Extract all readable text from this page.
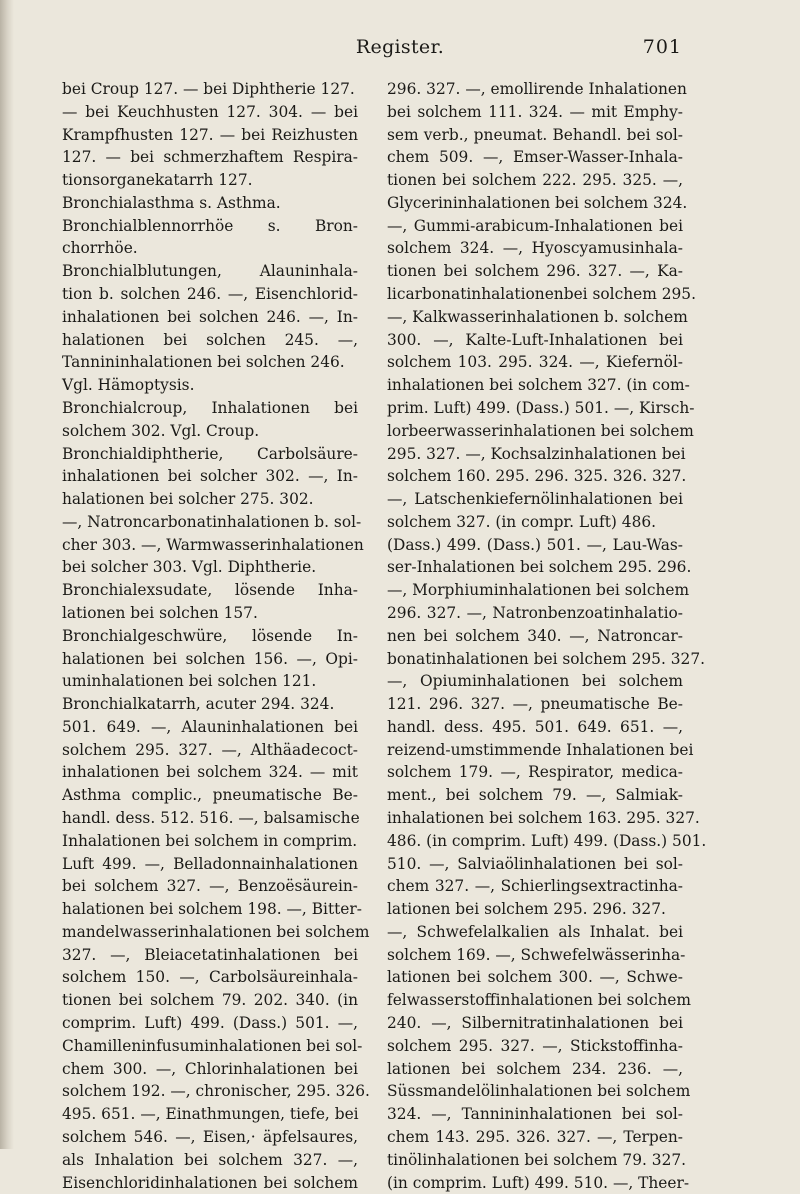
Register.	701
bei Croup 127. — bei Diphtherie 127.
— bei Keuchhusten 127. 304. — bei
Krampfhusten 127. — bei Reizhusten
127. — bei schmerzhaftem Respira-
tionsorganekatarrh 127.
Bronchialasthma s. Asthma.
Bronchialblennorrhöe s. Bron-
chorrhöe.
Bronchialblutungen, Alauninhala-
tion b. solchen 246. —, Eisenchlorid-
inhalationen bei solchen 246. —, In-
halationen bei solchen 245. —,
Tannininhalationen bei solchen 246.
Vgl. Hämoptysis.
Bronchialcroup, Inhalationen bei
solchem 302. Vgl. Croup.
Bronchialdiphtherie, Carbolsäure-
inhalationen bei solcher 302. —, In-
halationen bei solcher 275. 302.
—, Natroncarbonatinhalationen b. sol-
cher 303. —, Warmwasserinhalationen
bei solcher 303. Vgl. Diphtherie.
Bronchialexsudate, lösende Inha-
lationen bei solchen 157.
Bronchialgeschwüre, lösende In-
halationen bei solchen 156. —, Opi-
uminhalationen bei solchen 121.
Bronchialkatarrh, acuter 294. 324.
501. 649. —, Alauninhalationen bei
solchem 295. 327. —, Althäadecoct-
inhalationen bei solchem 324. — mit
Asthma complic., pneumatische Be-
handl. dess. 512. 516. —, balsamische
Inhalationen bei solchem in comprim.
Luft 499. —, Belladonnainhalationen
bei solchem 327. —, Benzoësäurein-
halationen bei solchem 198. —, Bitter-
mandelwasserinhalationen bei solchem
327. —, Bleiacetatinhalationen bei
solchem 150. —, Carbolsäureinhala-
tionen bei solchem 79. 202. 340. (in
comprim. Luft) 499. (Dass.) 501. —,
Chamilleninfusuminhalationen bei sol-
chem 300. —, Chlorinhalationen bei
solchem 192. —, chronischer, 295. 326.
495. 651. —, Einathmungen, tiefe, bei
solchem 546. —, Eisen,· äpfelsaures,
als Inhalation bei solchem 327. —,
Eisenchloridinhalationen bei solchem
296. 327. —, emollirende Inhalationen
bei solchem 111. 324. — mit Emphy-
sem verb., pneumat. Behandl. bei sol-
chem 509. —, Emser-Wasser-Inhala-
tionen bei solchem 222. 295. 325. —,
Glycerininhalationen bei solchem 324.
—, Gummi-arabicum-Inhalationen bei
solchem 324. —, Hyoscyamusinhala-
tionen bei solchem 296. 327. —, Ka-
licarbonatinhalationenbei solchem 295.
—, Kalkwasserinhalationen b. solchem
300. —, Kalte-Luft-Inhalationen bei
solchem 103. 295. 324. —, Kiefernöl-
inhalationen bei solchem 327. (in com-
prim. Luft) 499. (Dass.) 501. —, Kirsch-
lorbeerwasserinhalationen bei solchem
295. 327. —, Kochsalzinhalationen bei
solchem 160. 295. 296. 325. 326. 327.
—, Latschenkiefernölinhalationen bei
solchem 327. (in compr. Luft) 486.
(Dass.) 499. (Dass.) 501. —, Lau-Was-
ser-Inhalationen bei solchem 295. 296.
—, Morphiuminhalationen bei solchem
296. 327. —, Natronbenzoatinhalatio-
nen bei solchem 340. —, Natroncar-
bonatinhalationen bei solchem 295. 327.
—, Opiuminhalationen bei solchem
121. 296. 327. —, pneumatische Be-
handl. dess. 495. 501. 649. 651. —,
reizend-umstimmende Inhalationen bei
solchem 179. —, Respirator, medica-
ment., bei solchem 79. —, Salmiak-
inhalationen bei solchem 163. 295. 327.
486. (in comprim. Luft) 499. (Dass.) 501.
510. —, Salviaölinhalationen bei sol-
chem 327. —, Schierlingsextractinha-
lationen bei solchem 295. 296. 327.
—, Schwefelalkalien als Inhalat. bei
solchem 169. —, Schwefelwässerinha-
lationen bei solchem 300. —, Schwe-
felwasserstoffinhalationen bei solchem
240. —, Silbernitratinhalationen bei
solchem 295. 327. —, Stickstoffinha-
lationen bei solchem 234. 236. —,
Süssmandelölinhalationen bei solchem
324. —, Tannininhalationen bei sol-
chem 143. 295. 326. 327. —, Terpen-
tinölinhalationen bei solchem 79. 327.
(in comprim. Luft) 499. 510. —, Theer-
